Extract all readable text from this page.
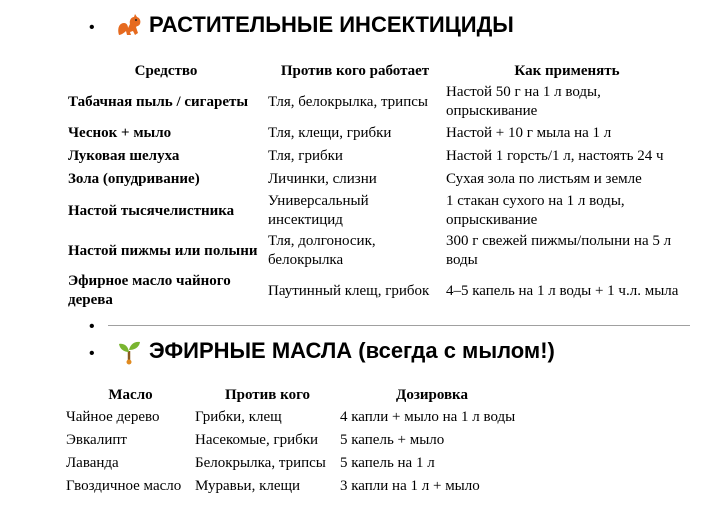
• РАСТИТЕЛЬНЫЕ ИНСЕКТИЦИДЫ
Средство	Против кого работает	Как применять
Табачная пыль / сигареты	Тля, белокрылка, трипсы	Настой 50 г на 1 л воды, опрыскивание
Чеснок + мыло	Тля, клещи, грибки	Настой + 10 г мыла на 1 л
Луковая шелуха	Тля, грибки	Настой 1 горсть/1 л, настоять 24 ч
Зола (опудривание)	Личинки, слизни	Сухая зола по листьям и земле
Настой тысячелистника	Универсальный инсектицид	1 стакан сухого на 1 л воды, опрыскивание
Настой пижмы или полыни	Тля, долгоносик, белокрылка	300 г свежей пижмы/полыни на 5 л воды
Эфирное масло чайного дерева	Паутинный клещ, грибок	4–5 капель на 1 л воды + 1 ч.л. мыла
•
• ЭФИРНЫЕ МАСЛА (всегда с мылом!)
Масло	Против кого	Дозировка
Чайное дерево	Грибки, клещ	4 капли + мыло на 1 л воды
Эвкалипт	Насекомые, грибки	5 капель + мыло
Лаванда	Белокрылка, трипсы	5 капель на 1 л
Гвоздичное масло	Муравьи, клещи	3 капли на 1 л + мыло
